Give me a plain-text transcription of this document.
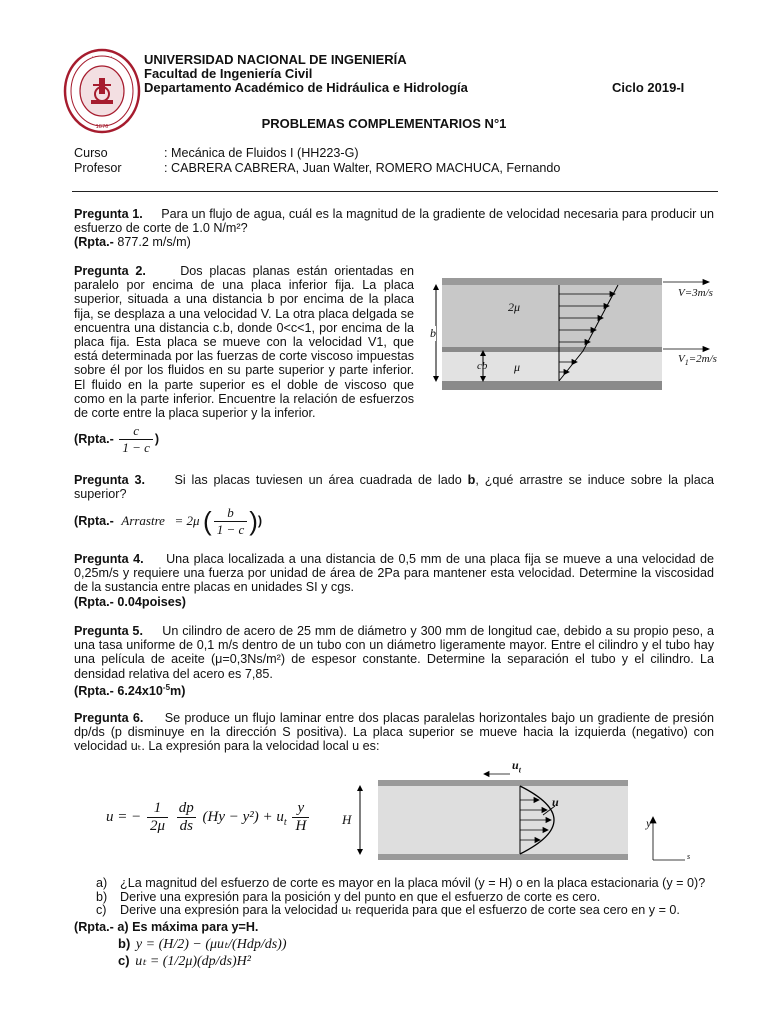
· · · · · · ·
1876
UNIVERSIDAD NACIONAL DE INGENIERÍA
Facultad de Ingeniería Civil
Departamento Académico de Hidráulica e Hidrología	Ciclo 2019-I
PROBLEMAS COMPLEMENTARIOS N°1
Curso	: Mecánica de Fluidos I (HH223-G)
Profesor	: CABRERA CABRERA, Juan Walter, ROMERO MACHUCA, Fernando
Pregunta 1. Para un flujo de agua, cuál es la magnitud de la gradiente de velocidad necesaria para producir un esfuerzo de corte de 1.0 N/m²?
(Rpta.- 877.2 m/s/m)
Pregunta 2.	Dos placas planas están orientadas en paralelo por encima de una placa inferior fija. La placa superior, situada a una distancia b por encima de la placa fija, se desplaza a una velocidad V. La otra placa delgada se encuentra una distancia c.b, donde 0<c<1, por encima de la placa fija. Esta placa se mueve con la velocidad V1, que está determinada por las fuerzas de corte viscoso impuestas sobre él por los fluidos en su parte superior y parte inferior. El fluido en la parte superior es el doble de viscoso que como en la parte inferior. Encuentre la relación de esfuerzos de corte entre la placa superior y la inferior.
(Rpta.- $\frac{c}{1 - c}$ )
2μ
μ
b
cb
V=3m/s
$V_1=2m/s$
Pregunta 3. Si las placas tuviesen un área cuadrada de lado b, ¿qué arrastre se induce sobre la placa superior?
(Rpta.- Arrastre = 2μ ( $\frac{b}{1 - c}$ ))
Pregunta 4. Una placa localizada a una distancia de 0,5 mm de una placa fija se mueve a una velocidad de 0,25m/s y requiere una fuerza por unidad de área de 2Pa para mantener esta velocidad. Determine la viscosidad de la sustancia entre placas en unidades SI y cgs.
(Rpta.- 0.04poises)
Pregunta 5. Un cilindro de acero de 25 mm de diámetro y 300 mm de longitud cae, debido a su propio peso, a una tasa uniforme de 0,1 m/s dentro de un tubo con un diámetro ligeramente mayor. Entre el cilindro y el tubo hay una película de aceite (μ=0,3Ns/m²) de espesor constante. Determine la separación el tubo y el cilindro. La densidad relativa del acero es 7,85.
(Rpta.- $6.24x10^{-5}m$)
Pregunta 6. Se produce un flujo laminar entre dos placas paralelas horizontales bajo un gradiente de presión dp/ds (p disminuye en la dirección S positiva). La placa superior se mueve hacia la izquierda (negativo) con velocidad uₜ. La expresión para la velocidad local u es:
u = − $\frac{1}{2\mu}$
$\frac{dp}{ds} (Hy - y^2) + u_t \frac{y}{H}$
$u_t$
H
u
y
s
a) ¿La magnitud del esfuerzo de corte es mayor en la placa móvil (y = H) o en la placa estacionaria (y = 0)?
b) Derive una expresión para la posición y del punto en que el esfuerzo de corte es cero.
c) Derive una expresión para la velocidad uₜ requerida para que el esfuerzo de corte sea cero en y = 0.
(Rpta.- a) Es máxima para y=H.
b) y = (H/2) − (μuₜ/(Hdp/ds))
c) uₜ = (1/2μ)(dp/ds)H²
